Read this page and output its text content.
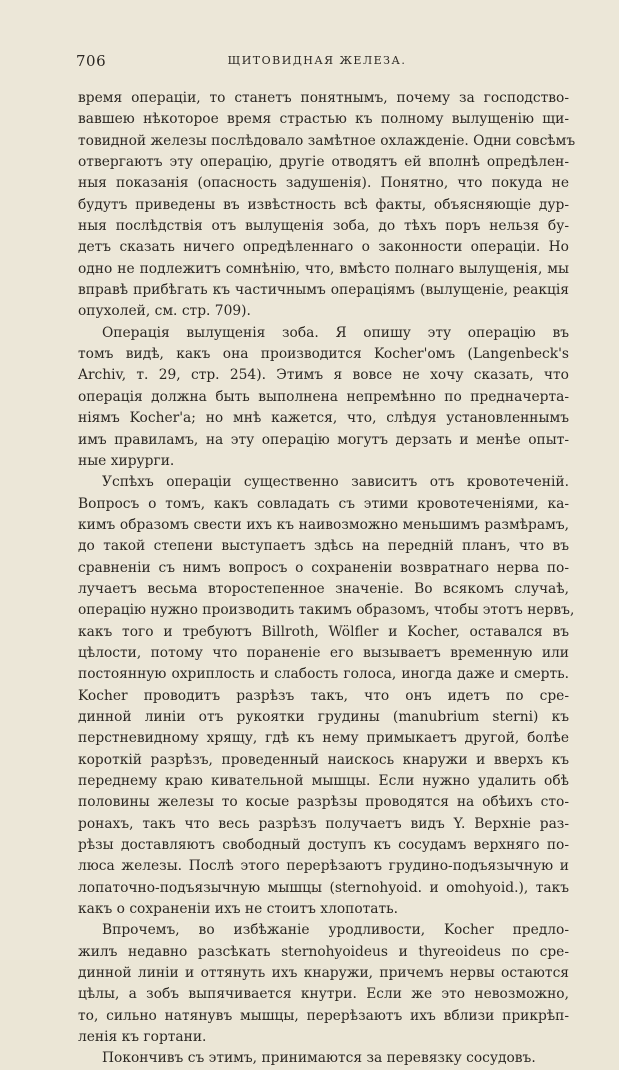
706	ЩИТОВИДНАЯ ЖЕЛЕЗА.
время операціи, то станетъ понятнымъ, почему за господство-
вавшею нѣкоторое время страстью къ полному вылущенію щи-
товидной железы послѣдовало замѣтное охлажденіе. Одни совсѣмъ
отвергаютъ эту операцію, другіе отводятъ ей вполнѣ опредѣлен-
ныя показанія (опасность задушенія). Понятно, что покуда не
будутъ приведены въ извѣстность всѣ факты, объясняющіе дур-
ныя послѣдствія отъ вылущенія зоба, до тѣхъ поръ нельзя бу-
детъ сказать ничего опредѣленнаго о законности операціи. Но
одно не подлежитъ сомнѣнію, что, вмѣсто полнаго вылущенія, мы
вправѣ прибѣгать къ частичнымъ операціямъ (вылущеніе, реакція
опухолей, см. стр. 709).
Операція вылущенія зоба. Я опишу эту операцію въ
томъ видѣ, какъ она производится Kocher'омъ (Langenbeck's
Archiv, т. 29, стр. 254). Этимъ я вовсе не хочу сказать, что
операція должна быть выполнена непремѣнно по предначерта-
ніямъ Kocher'а; но мнѣ кажется, что, слѣдуя установленнымъ
имъ правиламъ, на эту операцію могутъ дерзать и менѣе опыт-
ные хирурги.
Успѣхъ операціи существенно зависитъ отъ кровотеченій.
Вопросъ о томъ, какъ совладать съ этими кровотеченіями, ка-
кимъ образомъ свести ихъ къ наивозможно меньшимъ размѣрамъ,
до такой степени выступаетъ здѣсь на передній планъ, что въ
сравненіи съ нимъ вопросъ о сохраненіи возвратнаго нерва по-
лучаетъ весьма второстепенное значеніе. Во всякомъ случаѣ,
операцію нужно производить такимъ образомъ, чтобы этотъ нервъ,
какъ того и требуютъ Billroth, Wölfler и Kocher, оставался въ
цѣлости, потому что пораненіе его вызываетъ временную или
постоянную охриплость и слабость голоса, иногда даже и смерть.
Kocher проводитъ разрѣзъ такъ, что онъ идетъ по сре-
динной линіи отъ рукоятки грудины (manubrium sterni) къ
перстневидному хрящу, гдѣ къ нему примыкаетъ другой, болѣе
короткій разрѣзъ, проведенный наискось кнаружи и вверхъ къ
переднему краю кивательной мышцы. Если нужно удалить обѣ
половины железы то косые разрѣзы проводятся на обѣихъ сто-
ронахъ, такъ что весь разрѣзъ получаетъ видъ Y. Верхніе раз-
рѣзы доставляютъ свободный доступъ къ сосудамъ верхняго по-
люса железы. Послѣ этого перерѣзаютъ грудино-подъязычную и
лопаточно-подъязычную мышцы (sternohyoid. и omohyoid.), такъ
какъ о сохраненіи ихъ не стоитъ хлопотать.
Впрочемъ, во избѣжаніе уродливости, Kocher предло-
жилъ недавно разсѣкать sternohyoideus и thyreoideus по сре-
динной линіи и оттянуть ихъ кнаружи, причемъ нервы остаются
цѣлы, а зобъ выпячивается кнутри. Если же это невозможно,
то, сильно натянувъ мышцы, перерѣзаютъ ихъ вблизи прикрѣп-
ленія къ гортани.
Покончивъ съ этимъ, принимаются за перевязку сосудовъ.
